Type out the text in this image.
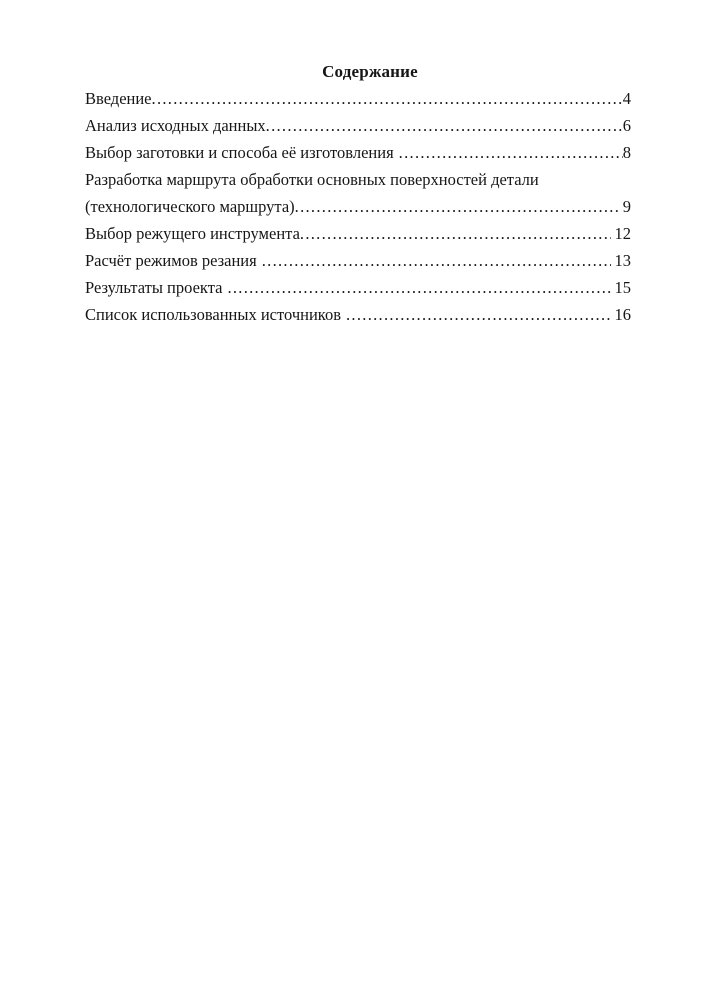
Содержание
Введение .....	4
Анализ исходных данных .....	6
Выбор заготовки и способа её изготовления .....	8
Разработка маршрута обработки основных поверхностей детали
(технологического маршрута) .....	9
Выбор режущего инструмента .....	12
Расчёт режимов резания .....	13
Результаты проекта .....	15
Список использованных источников .....	16
